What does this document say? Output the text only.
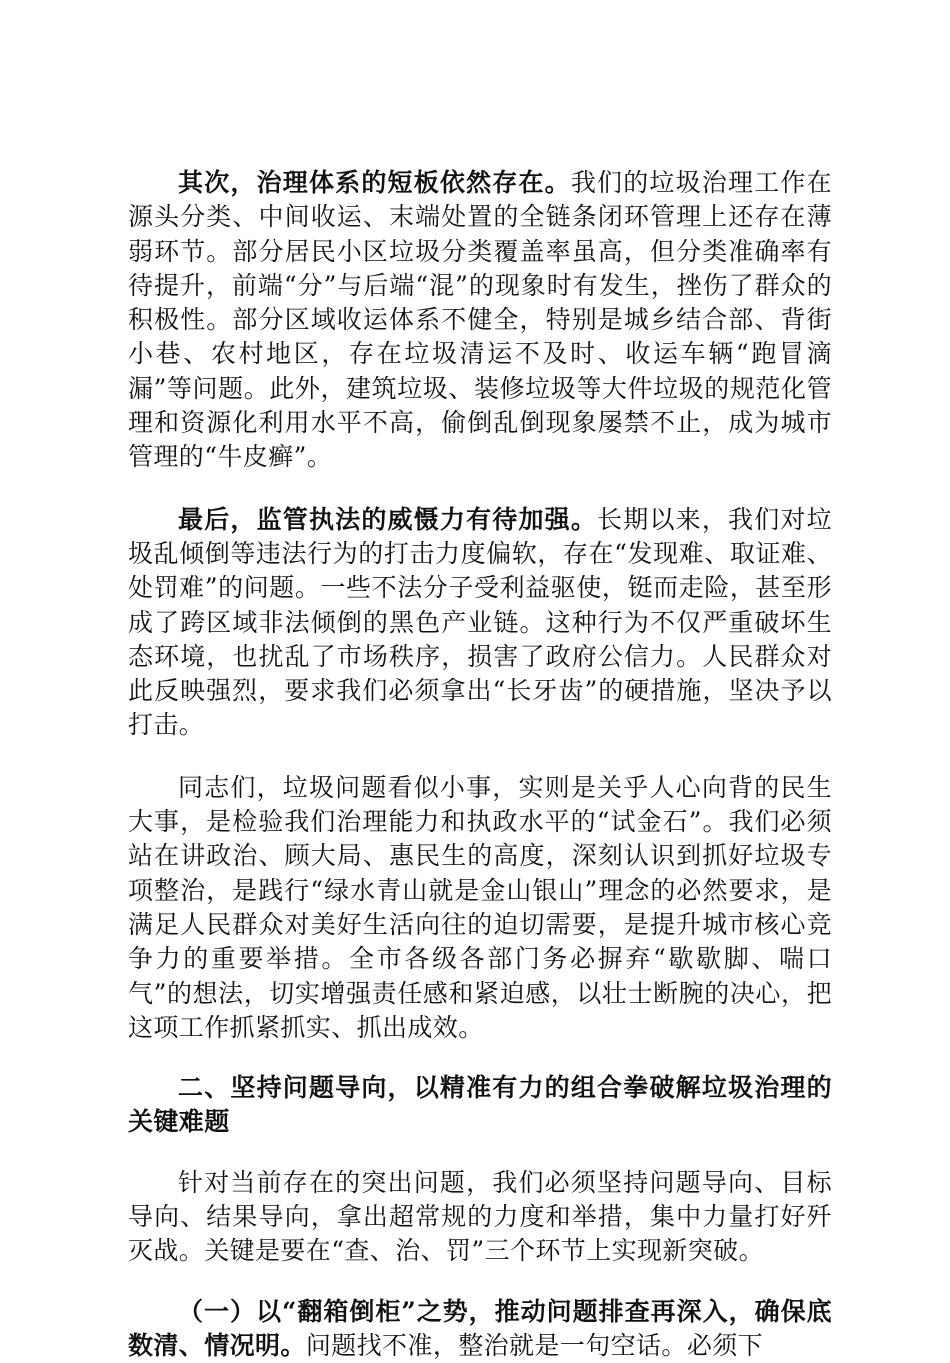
其次，治理体系的短板依然存在。我们的垃圾治理工作在源头分类、中间收运、末端处置的全链条闭环管理上还存在薄弱环节。部分居民小区垃圾分类覆盖率虽高，但分类准确率有待提升，前端“分”与后端“混”的现象时有发生，挫伤了群众的积极性。部分区域收运体系不健全，特别是城乡结合部、背街小巷、农村地区，存在垃圾清运不及时、收运车辆“跑冒滴漏”等问题。此外，建筑垃圾、装修垃圾等大件垃圾的规范化管理和资源化利用水平不高，偷倒乱倒现象屡禁不止，成为城市管理的“牛皮癣”。

最后，监管执法的威慑力有待加强。长期以来，我们对垃圾乱倾倒等违法行为的打击力度偏软，存在“发现难、取证难、处罚难”的问题。一些不法分子受利益驱使，铤而走险，甚至形成了跨区域非法倾倒的黑色产业链。这种行为不仅严重破坏生态环境，也扰乱了市场秩序，损害了政府公信力。人民群众对此反映强烈，要求我们必须拿出“长牙齿”的硬措施，坚决予以打击。

同志们，垃圾问题看似小事，实则是关乎人心向背的民生大事，是检验我们治理能力和执政水平的“试金石”。我们必须站在讲政治、顾大局、惠民生的高度，深刻认识到抓好垃圾专项整治，是践行“绿水青山就是金山银山”理念的必然要求，是满足人民群众对美好生活向往的迫切需要，是提升城市核心竞争力的重要举措。全市各级各部门务必摒弃“歇歇脚、喘口气”的想法，切实增强责任感和紧迫感，以壮士断腕的决心，把这项工作抓紧抓实、抓出成效。

二、坚持问题导向，以精准有力的组合拳破解垃圾治理的关键难题

针对当前存在的突出问题，我们必须坚持问题导向、目标导向、结果导向，拿出超常规的力度和举措，集中力量打好歼灭战。关键是要在“查、治、罚”三个环节上实现新突破。

（一）以“翻箱倒柜”之势，推动问题排查再深入，确保底数清、情况明。问题找不准，整治就是一句空话。必须下
